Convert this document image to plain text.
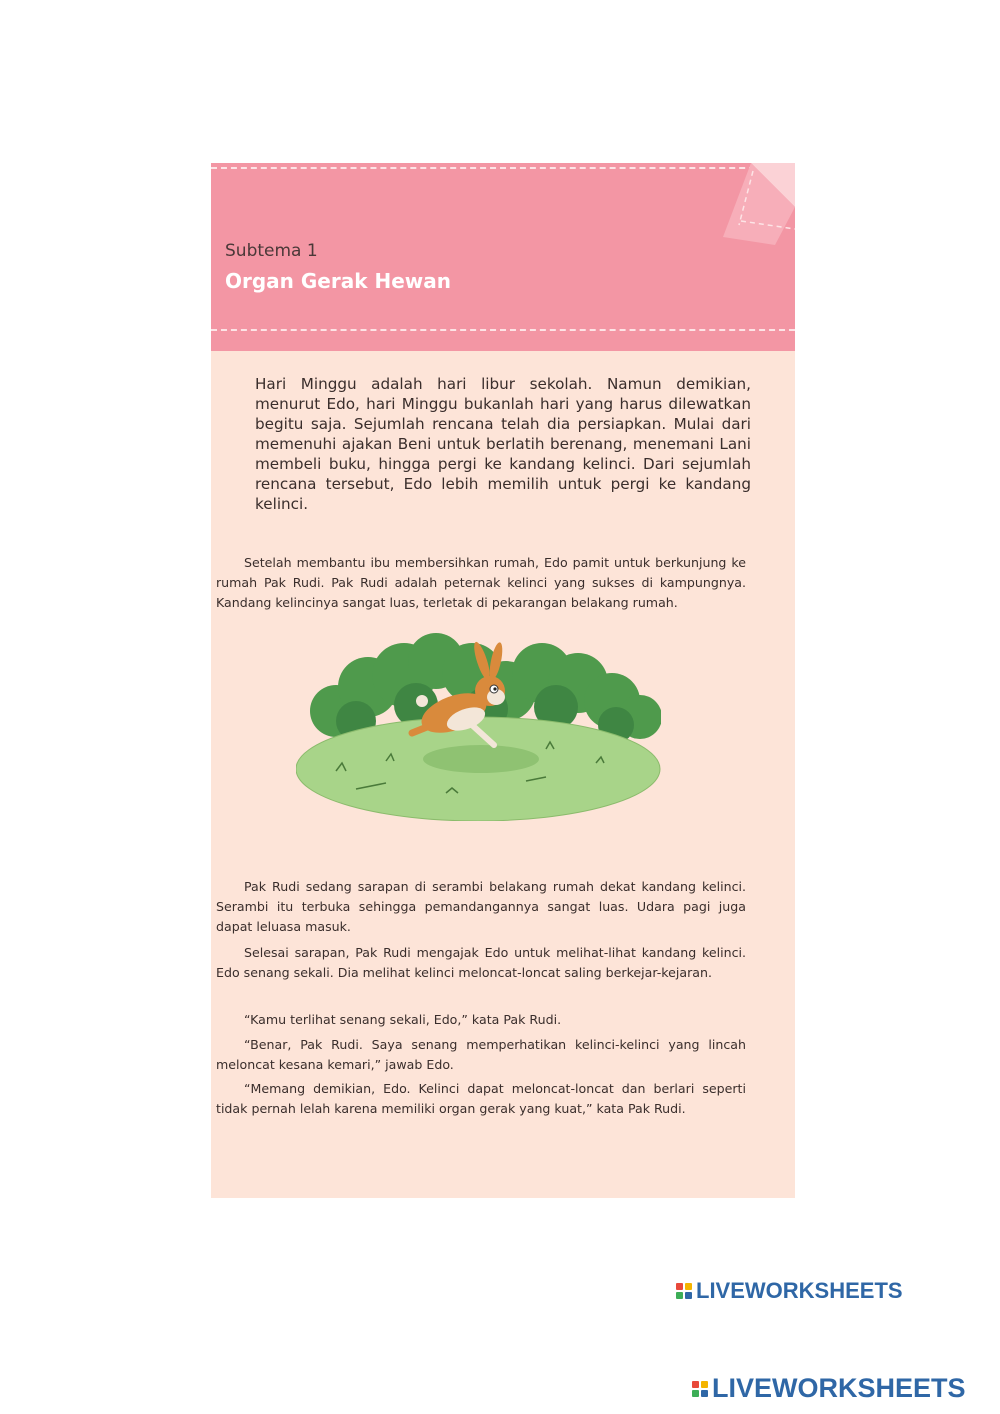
Subtema 1

Organ Gerak Hewan

Hari Minggu adalah hari libur sekolah. Namun demikian, menurut Edo, hari Minggu bukanlah hari yang harus dilewatkan begitu saja. Sejumlah rencana telah dia persiapkan. Mulai dari memenuhi ajakan Beni untuk berlatih berenang, menemani Lani membeli buku, hingga pergi ke kandang kelinci. Dari sejumlah rencana tersebut, Edo lebih memilih untuk pergi ke kandang kelinci.

Setelah membantu ibu membersihkan rumah, Edo pamit untuk berkunjung ke rumah Pak Rudi. Pak Rudi adalah peternak kelinci yang sukses di kampungnya. Kandang kelincinya sangat luas, terletak di pekarangan belakang rumah.

Pak Rudi sedang sarapan di serambi belakang rumah dekat kandang kelinci. Serambi itu terbuka sehingga pemandangannya sangat luas. Udara pagi juga dapat leluasa masuk.

Selesai sarapan, Pak Rudi mengajak Edo untuk melihat-lihat kandang kelinci. Edo senang sekali. Dia melihat kelinci meloncat-loncat saling berkejar-kejaran.

“Kamu terlihat senang sekali, Edo,” kata Pak Rudi.

“Benar, Pak Rudi. Saya senang memperhatikan kelinci-kelinci yang lincah meloncat kesana kemari,” jawab Edo.

“Memang demikian, Edo. Kelinci dapat meloncat-loncat dan berlari seperti tidak pernah lelah karena memiliki organ gerak yang kuat,” kata Pak Rudi.

LIVEWORKSHEETS
LIVEWORKSHEETS
